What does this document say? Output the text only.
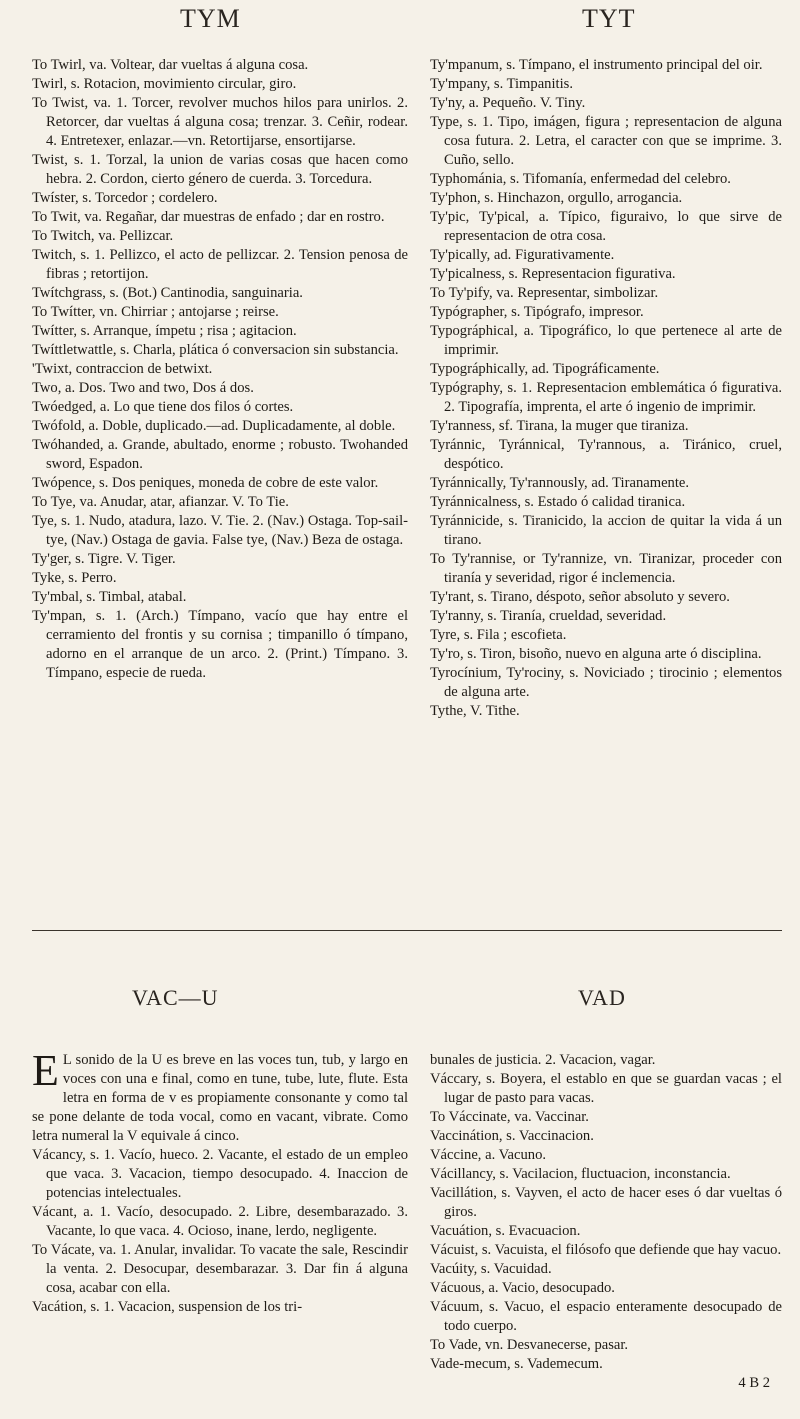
TYM	TYT

To Twirl, va. Voltear, dar vueltas á alguna cosa.

Twirl, s. Rotacion, movimiento circular, giro.

To Twist, va. 1. Torcer, revolver muchos hilos para unirlos. 2. Retorcer, dar vueltas á alguna cosa; trenzar. 3. Ceñir, rodear. 4. Entretexer, enlazar.—vn. Retortijarse, ensortijarse.

Twist, s. 1. Torzal, la union de varias cosas que hacen como hebra. 2. Cordon, cierto género de cuerda. 3. Torcedura.

Twíster, s. Torcedor ; cordelero.

To Twit, va. Regañar, dar muestras de enfado ; dar en rostro.

To Twitch, va. Pellizcar.

Twitch, s. 1. Pellizco, el acto de pellizcar. 2. Tension penosa de fibras ; retortijon.

Twítchgrass, s. (Bot.) Cantinodia, sanguinaria.

To Twítter, vn. Chirriar ; antojarse ; reirse.

Twítter, s. Arranque, ímpetu ; risa ; agitacion.

Twíttletwattle, s. Charla, plática ó conversacion sin substancia.

'Twixt, contraccion de betwixt.

Two, a. Dos. Two and two, Dos á dos.

Twóedged, a. Lo que tiene dos filos ó cortes.

Twófold, a. Doble, duplicado.—ad. Duplicadamente, al doble.

Twóhanded, a. Grande, abultado, enorme ; robusto. Twohanded sword, Espadon.

Twópence, s. Dos peniques, moneda de cobre de este valor.

To Tye, va. Anudar, atar, afianzar. V. To Tie.

Tye, s. 1. Nudo, atadura, lazo. V. Tie. 2. (Nav.) Ostaga. Top-sail-tye, (Nav.) Ostaga de gavia. False tye, (Nav.) Beza de ostaga.

Ty'ger, s. Tigre. V. Tiger.

Tyke, s. Perro.

Ty'mbal, s. Timbal, atabal.

Ty'mpan, s. 1. (Arch.) Tímpano, vacío que hay entre el cerramiento del frontis y su cornisa ; timpanillo ó tímpano, adorno en el arranque de un arco. 2. (Print.) Tímpano. 3. Tímpano, especie de rueda.

Ty'mpanum, s. Tímpano, el instrumento principal del oir.

Ty'mpany, s. Timpanitis.

Ty'ny, a. Pequeño. V. Tiny.

Type, s. 1. Tipo, imágen, figura ; representacion de alguna cosa futura. 2. Letra, el caracter con que se imprime. 3. Cuño, sello.

Typhománia, s. Tifomanía, enfermedad del celebro.

Ty'phon, s. Hinchazon, orgullo, arrogancia.

Ty'pic, Ty'pical, a. Típico, figuraivo, lo que sirve de representacion de otra cosa.

Ty'pically, ad. Figurativamente.

Ty'picalness, s. Representacion figurativa.

To Ty'pify, va. Representar, simbolizar.

Typógrapher, s. Tipógrafo, impresor.

Typográphical, a. Tipográfico, lo que pertenece al arte de imprimir.

Typográphically, ad. Tipográficamente.

Typógraphy, s. 1. Representacion emblemática ó figurativa. 2. Tipografía, imprenta, el arte ó ingenio de imprimir.

Ty'ranness, sf. Tirana, la muger que tiraniza.

Tyránnic, Tyránnical, Ty'rannous, a. Tiránico, cruel, despótico.

Tyránnically, Ty'rannously, ad. Tiranamente.

Tyránnicalness, s. Estado ó calidad tiranica.

Tyránnicide, s. Tiranicido, la accion de quitar la vida á un tirano.

To Ty'rannise, or Ty'rannize, vn. Tiranizar, proceder con tiranía y severidad, rigor é inclemencia.

Ty'rant, s. Tirano, déspoto, señor absoluto y severo.

Ty'ranny, s. Tiranía, crueldad, severidad.

Tyre, s. Fila ; escofieta.

Ty'ro, s. Tiron, bisoño, nuevo en alguna arte ó disciplina.

Tyrocínium, Ty'rociny, s. Noviciado ; tirocinio ; elementos de alguna arte.

Tythe, V. Tithe.

VAC—U	VAD

E L sonido de la U es breve en las voces tun, tub, y largo en voces con una e final, como en tune, tube, lute, flute. Esta letra en forma de v es propiamente consonante y como tal se pone delante de toda vocal, como en vacant, vibrate. Como letra numeral la V equivale á cinco.

Vácancy, s. 1. Vacío, hueco. 2. Vacante, el estado de un empleo que vaca. 3. Vacacion, tiempo desocupado. 4. Inaccion de potencias intelectuales.

Vácant, a. 1. Vacío, desocupado. 2. Libre, desembarazado. 3. Vacante, lo que vaca. 4. Ocioso, inane, lerdo, negligente.

To Vácate, va. 1. Anular, invalidar. To vacate the sale, Rescindir la venta. 2. Desocupar, desembarazar. 3. Dar fin á alguna cosa, acabar con ella.

Vacátion, s. 1. Vacacion, suspension de los tri-

bunales de justicia. 2. Vacacion, vagar.

Váccary, s. Boyera, el establo en que se guardan vacas ; el lugar de pasto para vacas.

To Váccinate, va. Vaccinar.

Vaccinátion, s. Vaccinacion.

Váccine, a. Vacuno.

Vácillancy, s. Vacilacion, fluctuacion, inconstancia.

Vacillátion, s. Vayven, el acto de hacer eses ó dar vueltas ó giros.

Vacuátion, s. Evacuacion.

Vácuist, s. Vacuista, el filósofo que defiende que hay vacuo.

Vacúity, s. Vacuidad.

Vácuous, a. Vacio, desocupado.

Vácuum, s. Vacuo, el espacio enteramente desocupado de todo cuerpo.

To Vade, vn. Desvanecerse, pasar.

Vade-mecum, s. Vademecum.

4 B 2
